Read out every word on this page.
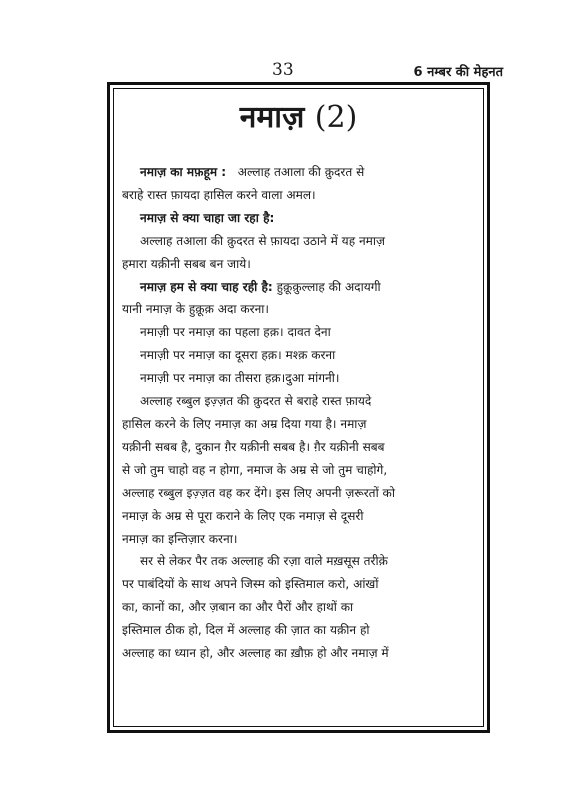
33	6 नम्बर की मेहनत
नमाज़ (2)
नमाज़ का मफ़हूम : अल्लाह तआला की क़ुदरत से
बराहे रास्त फ़ायदा हासिल करने वाला अमल।
नमाज़ से क्या चाहा जा रहा है:
अल्लाह तआला की क़ुदरत से फ़ायदा उठाने में यह नमाज़
हमारा यक़ीनी सबब बन जाये।
नमाज़ हम से क्या चाह रही है: हुक़ूक़ुल्लाह की अदायगी
यानी नमाज़ के हुक़ूक़ अदा करना।
नमाज़ी पर नमाज़ का पहला हक़। दावत देना
नमाज़ी पर नमाज़ का दूसरा हक़। मश्क़ करना
नमाज़ी पर नमाज़ का तीसरा हक़।दुआ मांगनी।
अल्लाह रब्बुल इज़्ज़त की क़ुदरत से बराहे रास्त फ़ायदे
हासिल करने के लिए नमाज़ का अम्र दिया गया है। नमाज़
यक़ीनी सबब है, दुकान ग़ैर यक़ीनी सबब है। ग़ैर यक़ीनी सबब
से जो तुम चाहो वह न होगा, नमाज के अम्र से जो तुम चाहोगे,
अल्लाह रब्बुल इज़्ज़त वह कर देंगे। इस लिए अपनी ज़रूरतों को
नमाज़ के अम्र से पूरा कराने के लिए एक नमाज़ से दूसरी
नमाज़ का इन्तिज़ार करना।
सर से लेकर पैर तक अल्लाह की रज़ा वाले मख़सूस तरीक़े
पर पाबंदियों के साथ अपने जिस्म को इस्तिमाल करो, आंखों
का, कानों का, और ज़बान का और पैरों और हाथों का
इस्तिमाल ठीक हो, दिल में अल्लाह की ज़ात का यक़ीन हो
अल्लाह का ध्यान हो, और अल्लाह का ख़ौफ़ हो और नमाज़ में
